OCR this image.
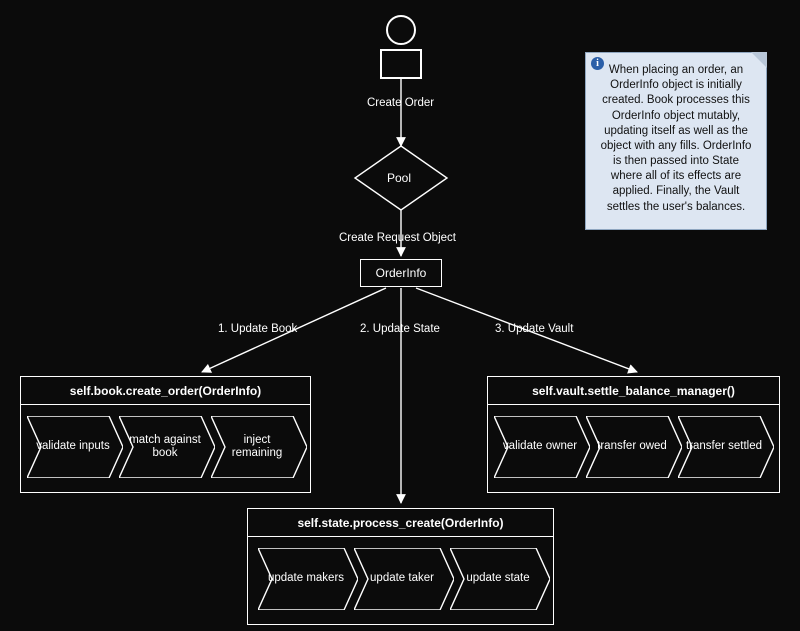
Pool
OrderInfo
Create Order
Create Request Object
1. Update Book	2. Update State	3. Update Vault
i
When placing an order, an OrderInfo object is initially created. Book processes this OrderInfo object mutably, updating itself as well as the object with any fills. OrderInfo is then passed into State where all of its effects are applied. Finally, the Vault settles the user's balances.
self.book.create_order(OrderInfo)
validate inputs
match against book
inject remaining
self.vault.settle_balance_manager()
validate owner transfer owed transfer settled
self.state.process_create(OrderInfo)
update makers update taker	update state
